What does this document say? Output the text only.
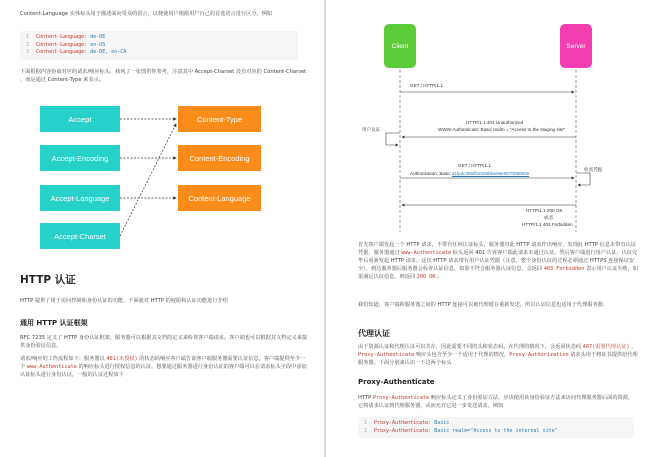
Content-Language 实体标头用于描述面向受众的语言，以便使用户根据用户自己的首选语言进行区分。例如

1 Content-Language: de-DE
2 Content-Language: en-US
3 Content-Language: de-DE, en-CA

下面根据内容协商对应的请求/响应标头，我列了一张图供你参考，注意其中 Accept-Charset 没有对应的 Content-Charset ，而是通过 Content-Type 来表示。

Accept
Accept-Encoding
Accept-Language
Accept-Charset
Content-Type
Content-Encoding
Content-Language
HTTP 认证

HTTP 提供了用于访问控制和身份认证的功能，下面就对 HTTP 的权限和认证功能进行介绍

通用 HTTP 认证框架

RFC 7235 定义了 HTTP 身份认证框架，服务器可以根据其文档的定义来检查客户端请求。客户端也可以根据其文档定义来提供身份验证信息。

请求/响应的工作流程如下：服务器以 401(未授权) 的状态码响应客户端告诉客户端服务器需要认证信息，客户端提供至少一个 www-Authenticate 的响应标头进行授权信息的认证。想要通过服务器进行身份认证的客户端可以在请求标头字段中添加认证标头进行身份认证，一般的认证过程如下

Client	Server
GET / HTTP/1.1
HTTP/1.1 401 Unauthorized
WWW-Authenticate: Basic realm = "Access to the staging site"
用户认证
GET / HTTP/1.1
Authorization: Basic a1lpdc3M4lbsS9abbe56e057008863e
检查凭据
HTTP/1.1 200 OK
或者
HTTP/1.1 403 Forbidden

首先客户端发起一个 HTTP 请求，不带有任何认证标头，服务器对此 HTTP 请求作出响应，发现此 HTTP 信息未带有认证凭据，服务器通过 www-Authenticate 标头返回 401 告诉客户端此请求未通过认证。然后客户端进行用户认证，认证完毕后重新发起 HTTP 请求，这次 HTTP 请求带有用户认证凭据（注意，整个身份认证的过程必须通过 HTTPS 连接保证安全），到达服务器后服务器会检查认证信息，如果不符合服务器认证信息，会返回 403 Forbidden 表示用户认证失败，如果满足认证信息，则返回 200 OK 。

我们知道，客户端和服务器之间的 HTTP 连接可以被代理缓存重新发送，所以认证信息也适用于代理服务器。

代理认证

由于资源认证和代理认证可以共存，因此需要不同的头和状态码，在代理的情况下，会返回状态码 407(需要代理认证) ，Proxy-Authenticate 响应头包含至少一个适用于代理的情况，Proxy-Authorization 请求头用于将证书提供给代理服务器。下面分别来认识一下这两个标头

Proxy-Authenticate

HTTP Proxy-Authenticate 响应标头定义了身份验证方法，应该使用该身份验证方法来访问代理服务器后面的资源。它将请求认证到代理服务器，从而允许它进一步发送请求。例如

1 Proxy-Authenticate: Basic
2 Proxy-Authenticate: Basic realm="Access to the internal site"
